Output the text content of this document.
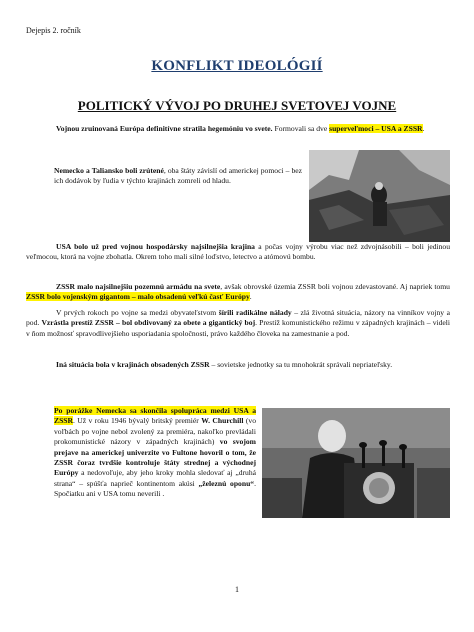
Dejepis 2. ročník
KONFLIKT IDEOLÓGIÍ
POLITICKÝ VÝVOJ PO DRUHEJ SVETOVEJ VOJNE
Vojnou zruinovaná Európa definitívne stratila hegemóniu vo svete. Formovali sa dve superveľmoci – USA a ZSSR.
Nemecko a Taliansko boli zrútené, oba štáty závislí od americkej pomoci – bez ich dodávok by ľudia v týchto krajinách zomreli od hladu.
USA bolo už pred vojnou hospodársky najsilnejšia krajina a počas vojny výrobu viac než zdvojnásobili – boli jedinou veľmocou, ktorá na vojne zbohatla. Okrem toho mali silné loďstvo, letectvo a atómovú bombu.
ZSSR malo najsilnejšiu pozemnú armádu na svete, avšak obrovské územia ZSSR boli vojnou zdevastované. Aj napriek tomu ZSSR bolo vojenským gigantom – malo obsadenú veľkú časť Európy.
V prvých rokoch po vojne sa medzi obyvateľstvom šírili radikálne nálady – zlá životná situácia, názory na vinníkov vojny a pod. Vzrástla prestíž ZSSR – bol obdivovaný za obete a gigantický boj. Prestíž komunistického režimu v západných krajinách – videli v ňom možnosť spravodlivejšieho usporiadania spoločnosti, právo každého človeka na zamestnanie a pod.
Iná situácia bola v krajinách obsadených ZSSR – sovietske jednotky sa tu mnohokrát správali nepriateľsky.
Po porážke Nemecka sa skončila spolupráca medzi USA a ZSSR. Už v roku 1946 bývalý britský premiér W. Churchill (vo voľbách po vojne nebol zvolený za premiéra, nakoľko prevládali prokomunistické názory v západných krajinách) vo svojom prejave na americkej univerzite vo Fultone hovoril o tom, že ZSSR čoraz tvrdšie kontroluje štáty strednej a východnej Európy a nedovoľuje, aby jeho kroky mohla sledovať aj „druhá strana“ – spúšťa naprieč kontinentom akúsi „železnú oponu“. Spočiatku ani v USA tomu neverili .
1
